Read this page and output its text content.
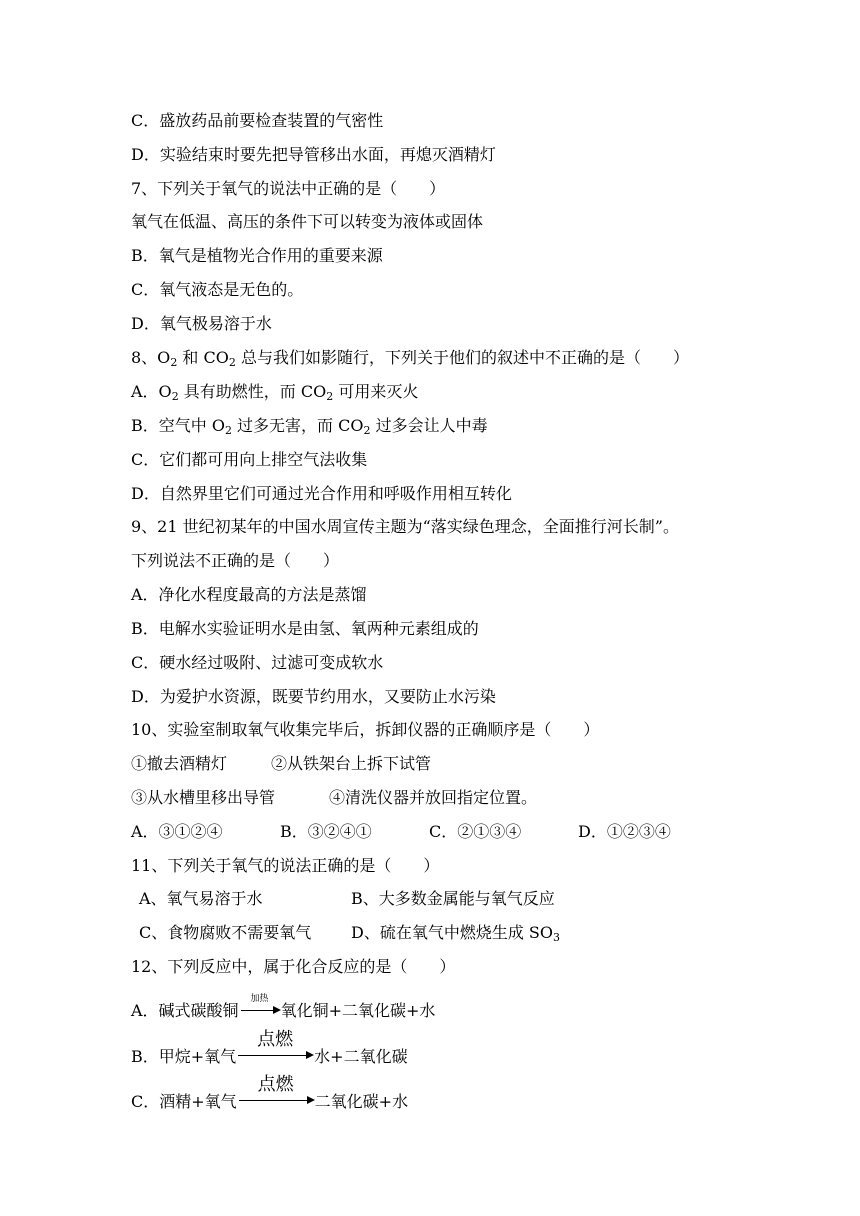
C．盛放药品前要检查装置的气密性
D．实验结束时要先把导管移出水面，再熄灭酒精灯
7、下列关于氧气的说法中正确的是（　　）
氧气在低温、高压的条件下可以转变为液体或固体
B．氧气是植物光合作用的重要来源
C．氧气液态是无色的。
D．氧气极易溶于水
8、$O_2$ 和 $CO_2$ 总与我们如影随行，下列关于他们的叙述中不正确的是（　　）
A．$O_2$ 具有助燃性，而 $CO_2$ 可用来灭火
B．空气中 $O_2$ 过多无害，而 $CO_2$ 过多会让人中毒
C．它们都可用向上排空气法收集
D．自然界里它们可通过光合作用和呼吸作用相互转化
9、21 世纪初某年的中国水周宣传主题为“落实绿色理念，全面推行河长制”。
下列说法不正确的是（　　）
A．净化水程度最高的方法是蒸馏
B．电解水实验证明水是由氢、氧两种元素组成的
C．硬水经过吸附、过滤可变成软水
D．为爱护水资源，既要节约用水，又要防止水污染
10、实验室制取氧气收集完毕后，拆卸仪器的正确顺序是（　　）
①撤去酒精灯	②从铁架台上拆下试管
③从水槽里移出导管	④清洗仪器并放回指定位置。
A．③①②④	B．③②④①	C．②①③④	D．①②③④
11、下列关于氧气的说法正确的是（　　）
A、氧气易溶于水	B、大多数金属能与氧气反应
C、食物腐败不需要氧气 D、硫在氧气中燃烧生成 $SO_3$
12、下列反应中，属于化合反应的是（　　）
A．碱式碳酸铜
加热
氧化铜+二氧化碳+水
B．甲烷+氧气
点燃
水+二氧化碳
C．酒精+氧气
点燃
二氧化碳+水
